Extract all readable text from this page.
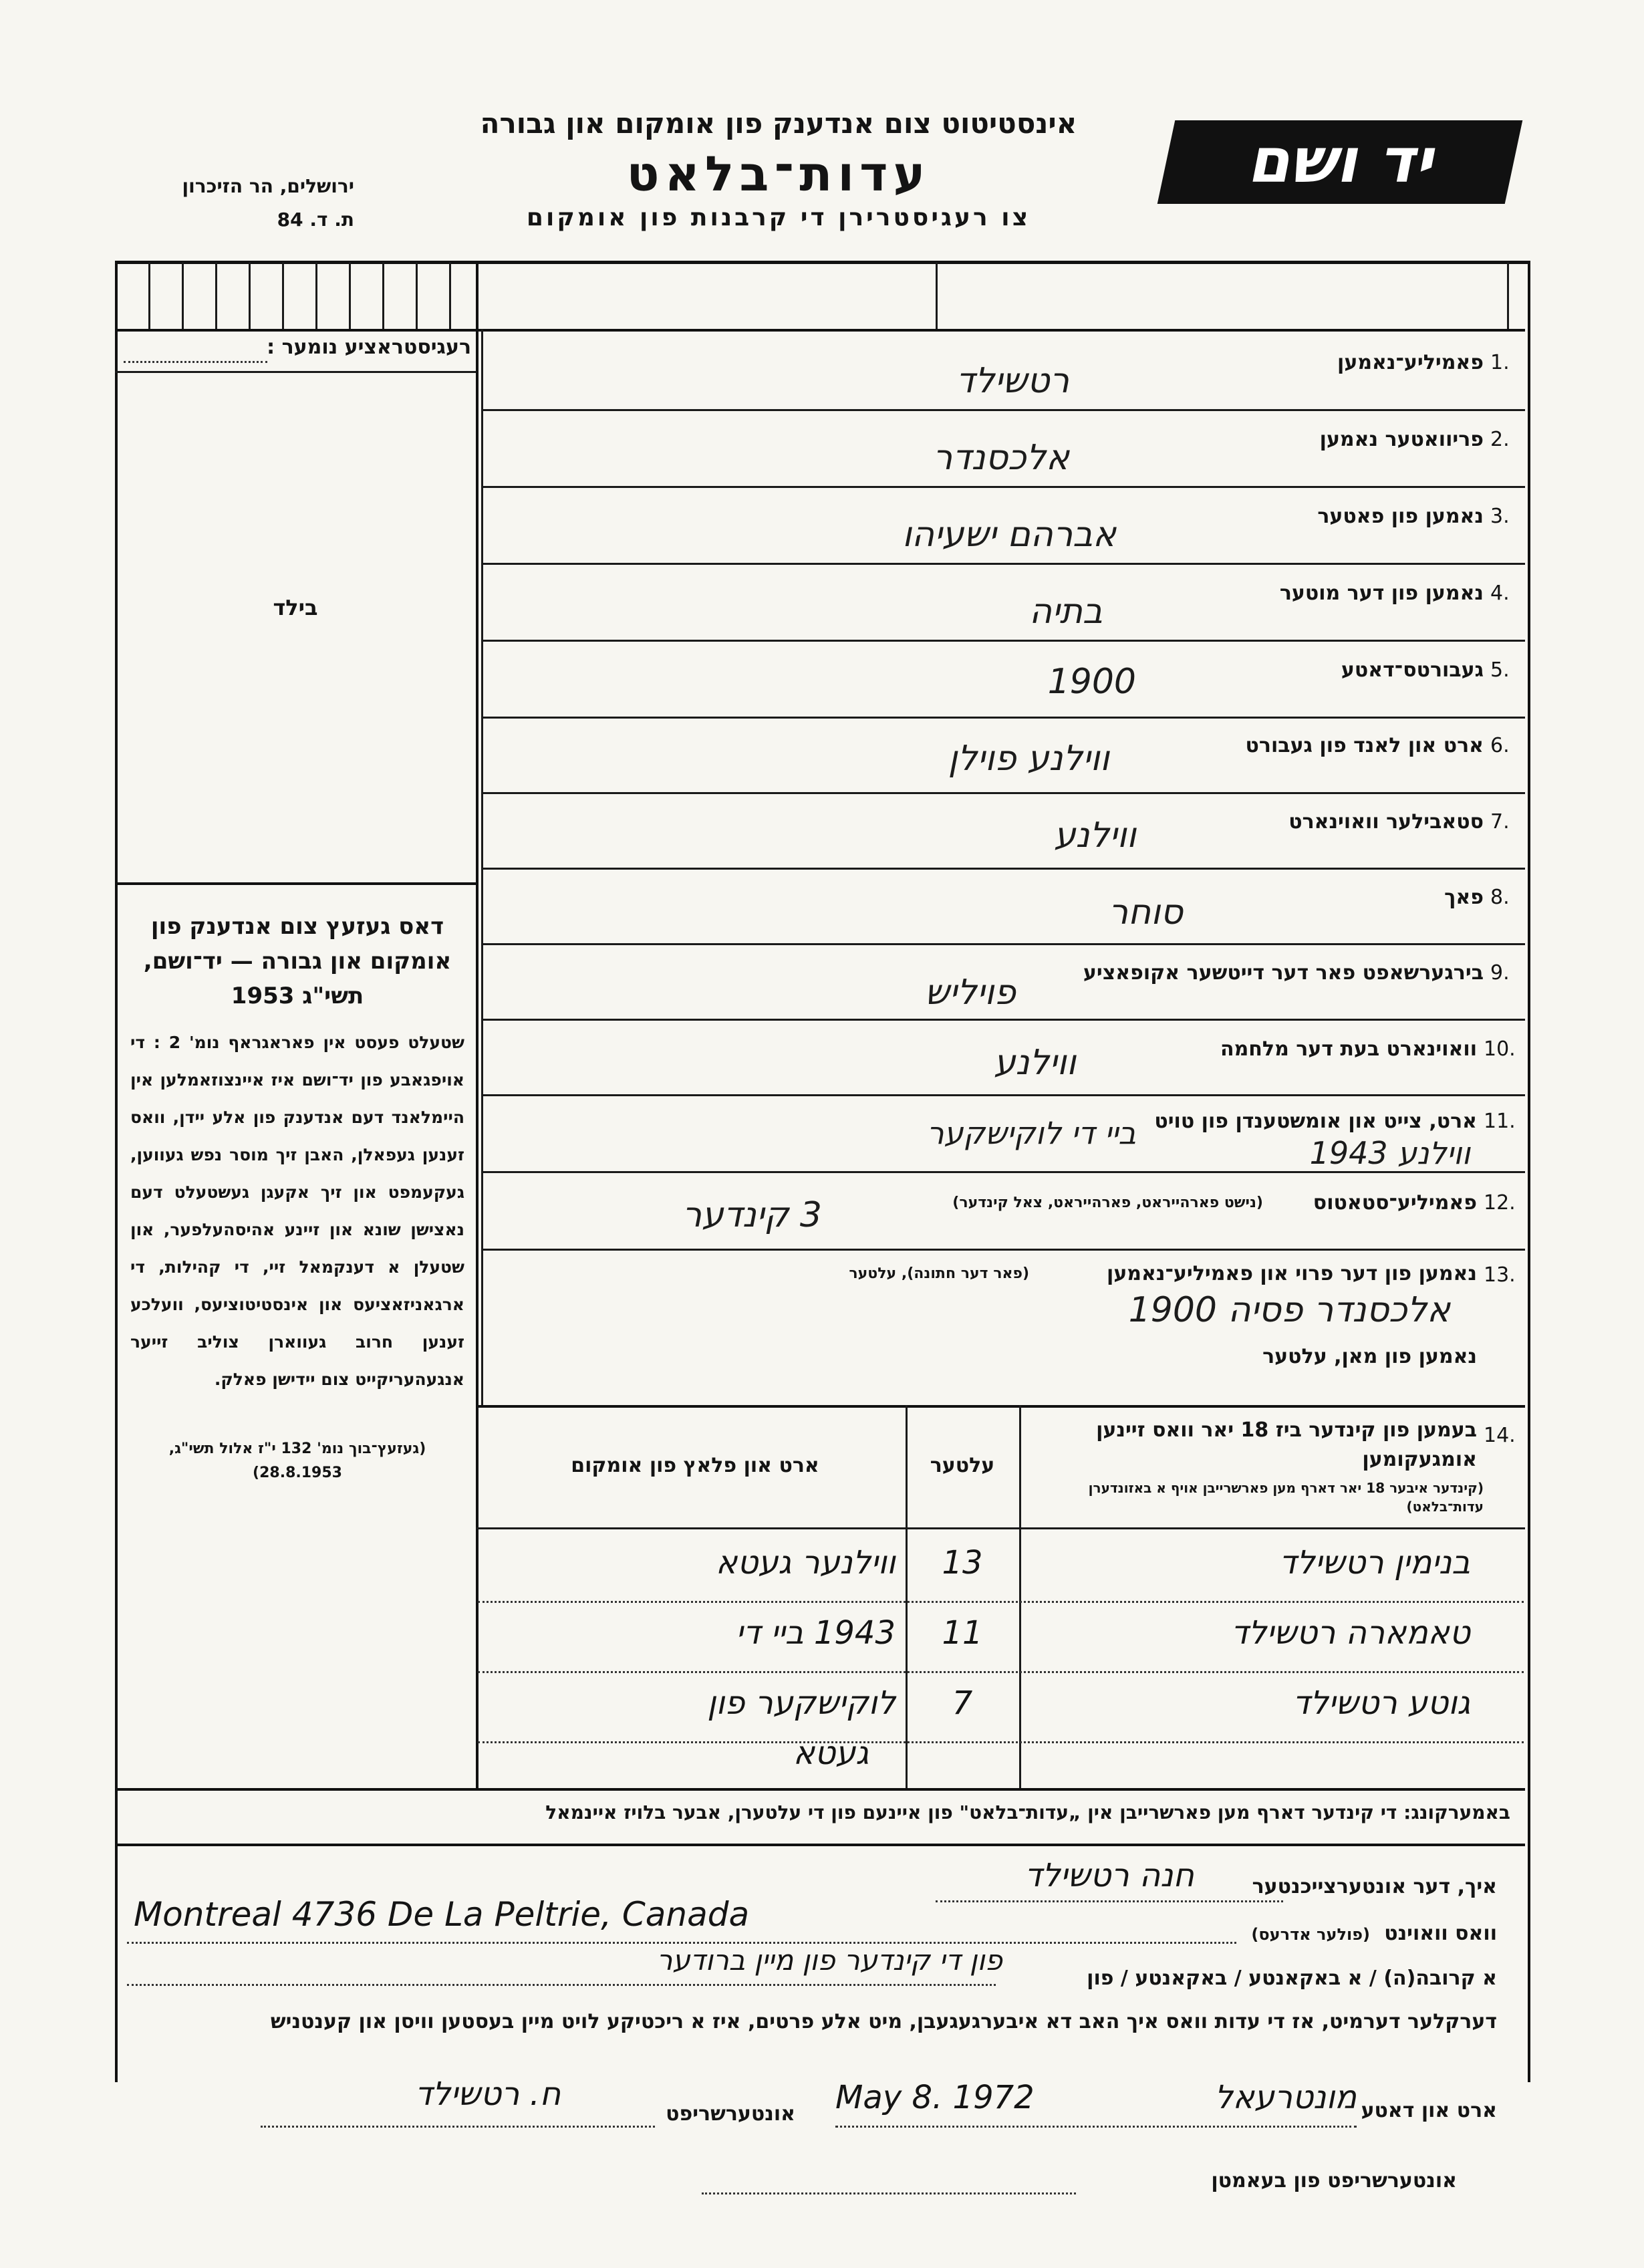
יד ושם
אינסטיטוט צום אנדענק פון אומקום און גבורה
עדות־בלאט
צו רעגיסטרירן די קרבנות פון אומקום
ירושלים, הר הזיכרון
ת. ד. 84
רעגיסטראציע נומער :
בילד
דאס געזעץ צום אנדענק פון
אומקום און גבורה — יד־ושם,
תשי"ג 1953
שטעלט פעסט אין פאראגראף נומ' 2 : די אויפגאבע פון יד־ושם איז איינצוזאמלען אין היימלאנד דעם אנדענק פון אלע יידן, וואס זענען געפאלן, האבן זיך מוסר נפש געווען, געקעמפט און זיך אקעגן געשטעלט דעם נאצישן שונא און זיינע אהיסהעלפער, און שטעלן א דענקמאל זיי, די קהילות, די ארגאניזאציעס און אינסטיטוציעס, וועלכע זענען חרוב געווארן צוליב זייער אנגעהעריקייט צום יידישן פאלק.
(געזעץ־בוך נומ' 132 י"ז אלול תשי"ג, 28.8.1953)
1.
פאמיליע־נאמען
רטשילד
2.
פריוואטער נאמען
אלכסנדר
3.
נאמען פון פאטער
אברהם ישעיהו
4.
נאמען פון דער מוטער
בתיה
5.
געבורטס־דאטע
1900
6.
ארט און לאנד פון געבורט
ווילנע פוילן
7.
סטאבילער וואוינארט
ווילנע
8.
פאך
סוחר
9.
בירגערשאפט פאר דער דייטשער אקופאציע
פויליש
10.
וואוינארט בעת דער מלחמה
ווילנע
11.
ארט, צייט און אומשטענדן פון טויט
ווילנע 1943
ביי די לוקישקער
12.
פאמיליע־סטאטוס
(נישט פארהייראט, פארהייראט, צאל קינדער)
3 קינדער
13.
נאמען פון דער פרוי און פאמיליע־נאמען
(פאר דער חתונה), עלטער
אלכסנדר פסיה 1900
נאמען פון מאן, עלטער
14.
בעמען פון קינדער ביז 18 יאר וואס זיינען אומגעקומען
(קינדער איבער 18 יאר דארף מען פארשרייבן אויף א באזונדערן עדות־בלאט)
עלטער
ארט און פלאץ פון אומקום
בנימין רטשילד
13
ווילנער געטא
טאמארה רטשילד
11
1943 ביי די
גוטע רטשילד
7
לוקישקער פון
געטא
באמערקונג: די קינדער דארף מען פארשרייבן אין „עדות־בלאט" פון איינעם פון די עלטערן, אבער בלויז איינמאל
איך, דער אונטערצייכנטער
חנה רטשילד
Montreal 4736 De La Peltrie, Canada	וואס וואוינט
(פולער אדרעס)
א קרובה(ה) / א באקאנטע / באקאנטע / פון
פון די קינדער פון מיין ברודער
דערקלער דערמיט, אז די עדות וואס איך האב דא איבערגעגעבן, מיט אלע פרטים, איז א ריכטיקע לויט מיין בעסטען וויסן און קענטניש
ח. רטשילד
אונטערשריפט May 8. 1972	מונטרעאל ארט און דאטע
אונטערשריפט פון בעאמטן
